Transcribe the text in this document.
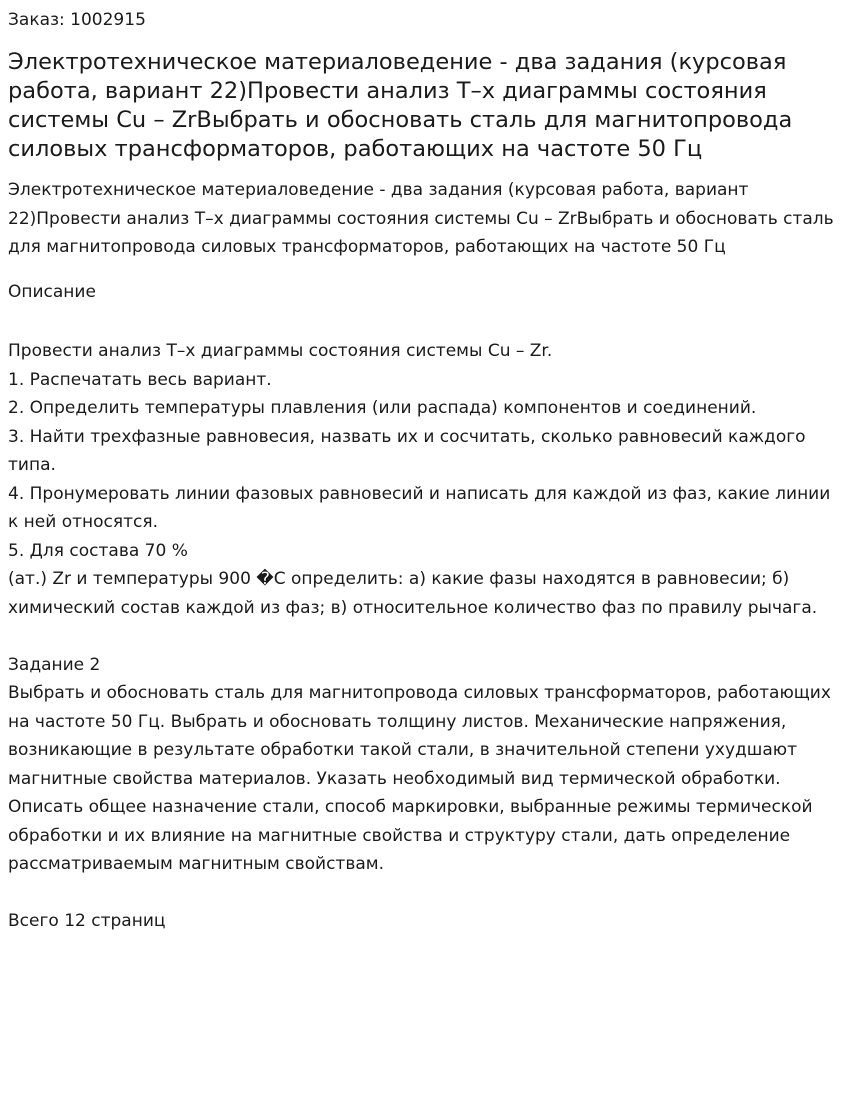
Заказ: 1002915
Электротехническое материаловедение - два задания (курсовая работа, вариант 22)Провести анализ Т–x диаграммы состояния системы Cu – ZrВыбрать и обосновать сталь для магнитопровода силовых трансформаторов, работающих на частоте 50 Гц
Электротехническое материаловедение - два задания (курсовая работа, вариант 22)Провести анализ Т–x диаграммы состояния системы Cu – ZrВыбрать и обосновать сталь для магнитопровода силовых трансформаторов, работающих на частоте 50 Гц
Описание
Провести анализ Т–x диаграммы состояния системы Cu – Zr.
1. Распечатать весь вариант.
2. Определить температуры плавления (или распада) компонентов и соединений.
3. Найти трехфазные равновесия, назвать их и сосчитать, сколько равновесий каждого типа.
4. Пронумеровать линии фазовых равновесий и написать для каждой из фаз, какие линии к ней относятся.
5. Для состава 70 %
(ат.) Zr и температуры 900 �C определить: а) какие фазы находятся в равновесии; б) химический состав каждой из фаз; в) относительное количество фаз по правилу рычага.
Задание 2
Выбрать и обосновать сталь для магнитопровода силовых трансформаторов, работающих на частоте 50 Гц. Выбрать и обосновать толщину листов. Механические напряжения, возникающие в результате обработки такой стали, в значительной степени ухудшают магнитные свойства материалов. Указать необходимый вид термической обработки. Описать общее назначение стали, способ маркировки, выбранные режимы термической обработки и их влияние на магнитные свойства и структуру стали, дать определение рассматриваемым магнитным свойствам.
Всего 12 страниц
